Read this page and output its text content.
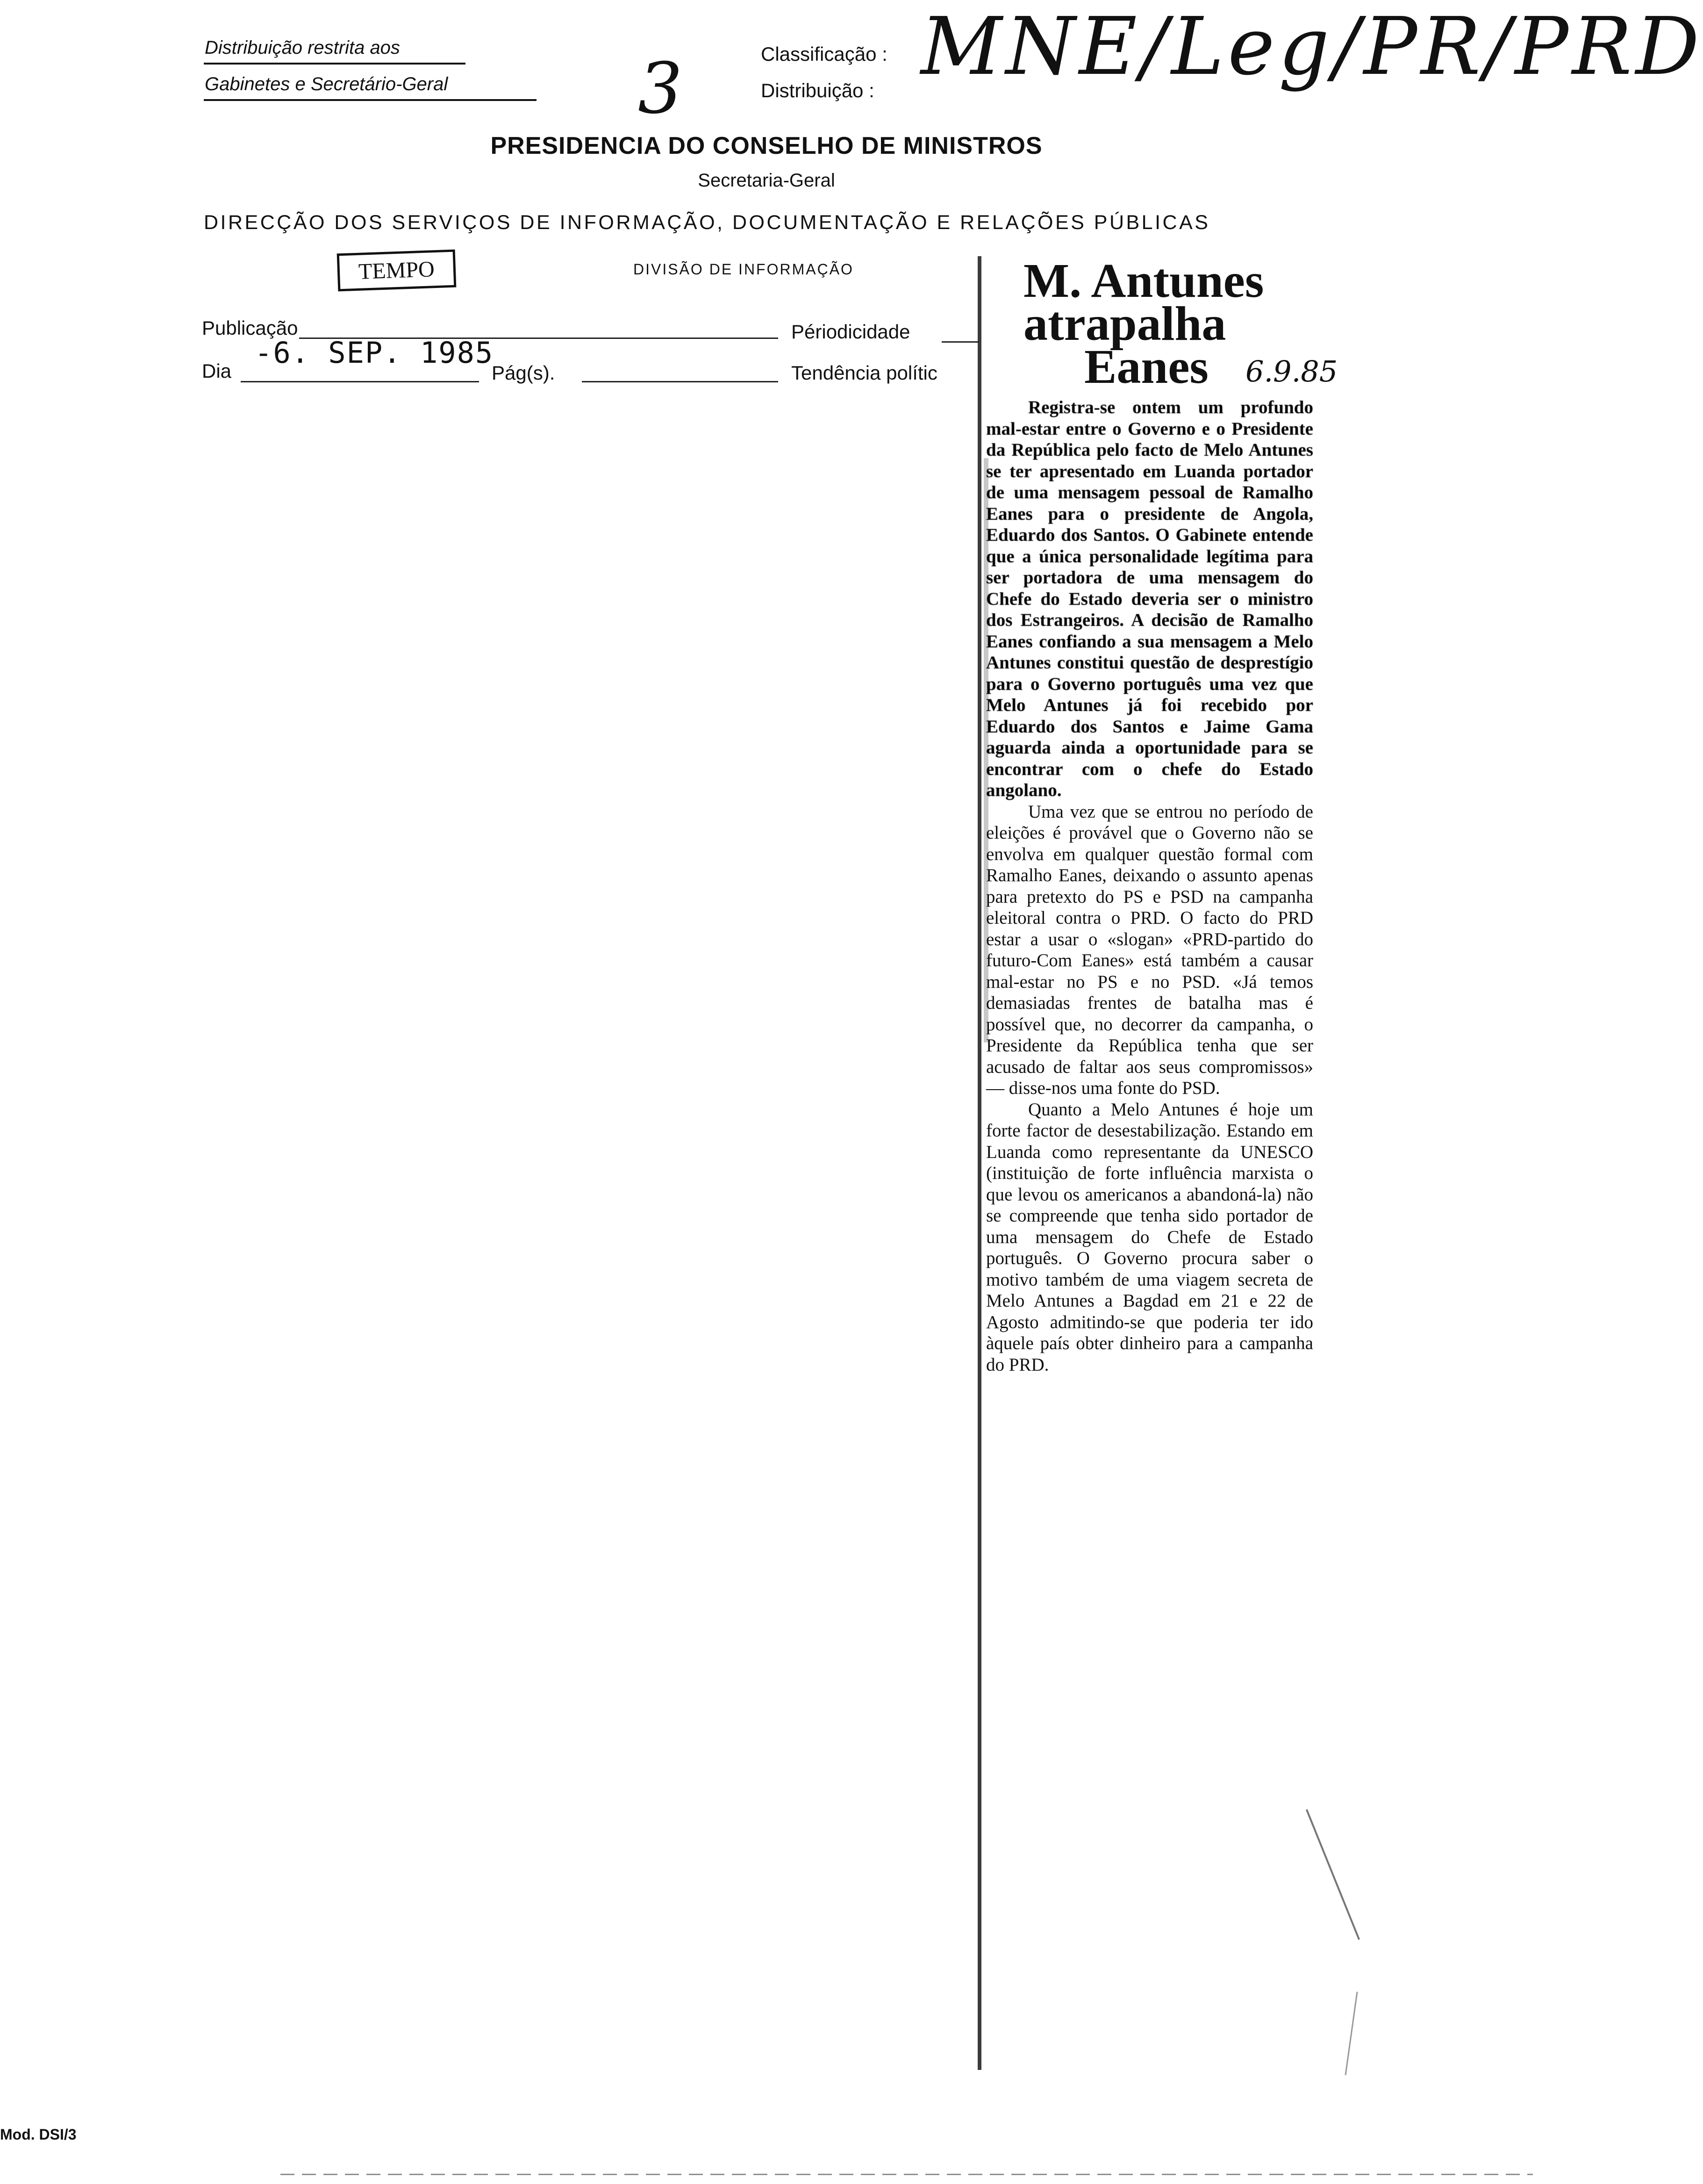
Distribuição restrita aos
Gabinetes e Secretário-Geral	3	Classificação :
Distribuição : MNE/Leg/PR/PRD
PRESIDENCIA DO CONSELHO DE MINISTROS
Secretaria-Geral
DIRECÇÃO DOS SERVIÇOS DE INFORMAÇÃO, DOCUMENTAÇÃO E RELAÇÕES PÚBLICAS
DIVISÃO DE INFORMAÇÃO
TEMPO
Publicação	Périodicidade
-6. SEP. 1985
Dia	Pág(s).	Tendência polític
M. Antunes
atrapalha
Eanes 6.9.85

Registra-se ontem um profundo mal-estar entre o Governo e o Presidente da República pelo facto de Melo Antunes se ter apresentado em Luanda portador de uma mensagem pessoal de Ramalho Eanes para o presidente de Angola, Eduardo dos Santos. O Gabinete entende que a única personalidade legítima para ser portadora de uma mensagem do Chefe do Estado deveria ser o ministro dos Estrangeiros. A decisão de Ramalho Eanes confiando a sua mensagem a Melo Antunes constitui questão de desprestígio para o Governo português uma vez que Melo Antunes já foi recebido por Eduardo dos Santos e Jaime Gama aguarda ainda a oportunidade para se encontrar com o chefe do Estado angolano.

Uma vez que se entrou no período de eleições é provável que o Governo não se envolva em qualquer questão formal com Ramalho Eanes, deixando o assunto apenas para pretexto do PS e PSD na campanha eleitoral contra o PRD. O facto do PRD estar a usar o «slogan» «PRD-partido do futuro-Com Eanes» está também a causar mal-estar no PS e no PSD. «Já temos demasiadas frentes de batalha mas é possível que, no decorrer da campanha, o Presidente da República tenha que ser acusado de faltar aos seus compromissos» — disse-nos uma fonte do PSD.

Quanto a Melo Antunes é hoje um forte factor de desestabilização. Estando em Luanda como representante da UNESCO (instituição de forte influência marxista o que levou os americanos a abandoná-la) não se compreende que tenha sido portador de uma mensagem do Chefe de Estado português. O Governo procura saber o motivo também de uma viagem secreta de Melo Antunes a Bagdad em 21 e 22 de Agosto admitindo-se que poderia ter ido àquele país obter dinheiro para a campanha do PRD.

Mod. DSI/3
